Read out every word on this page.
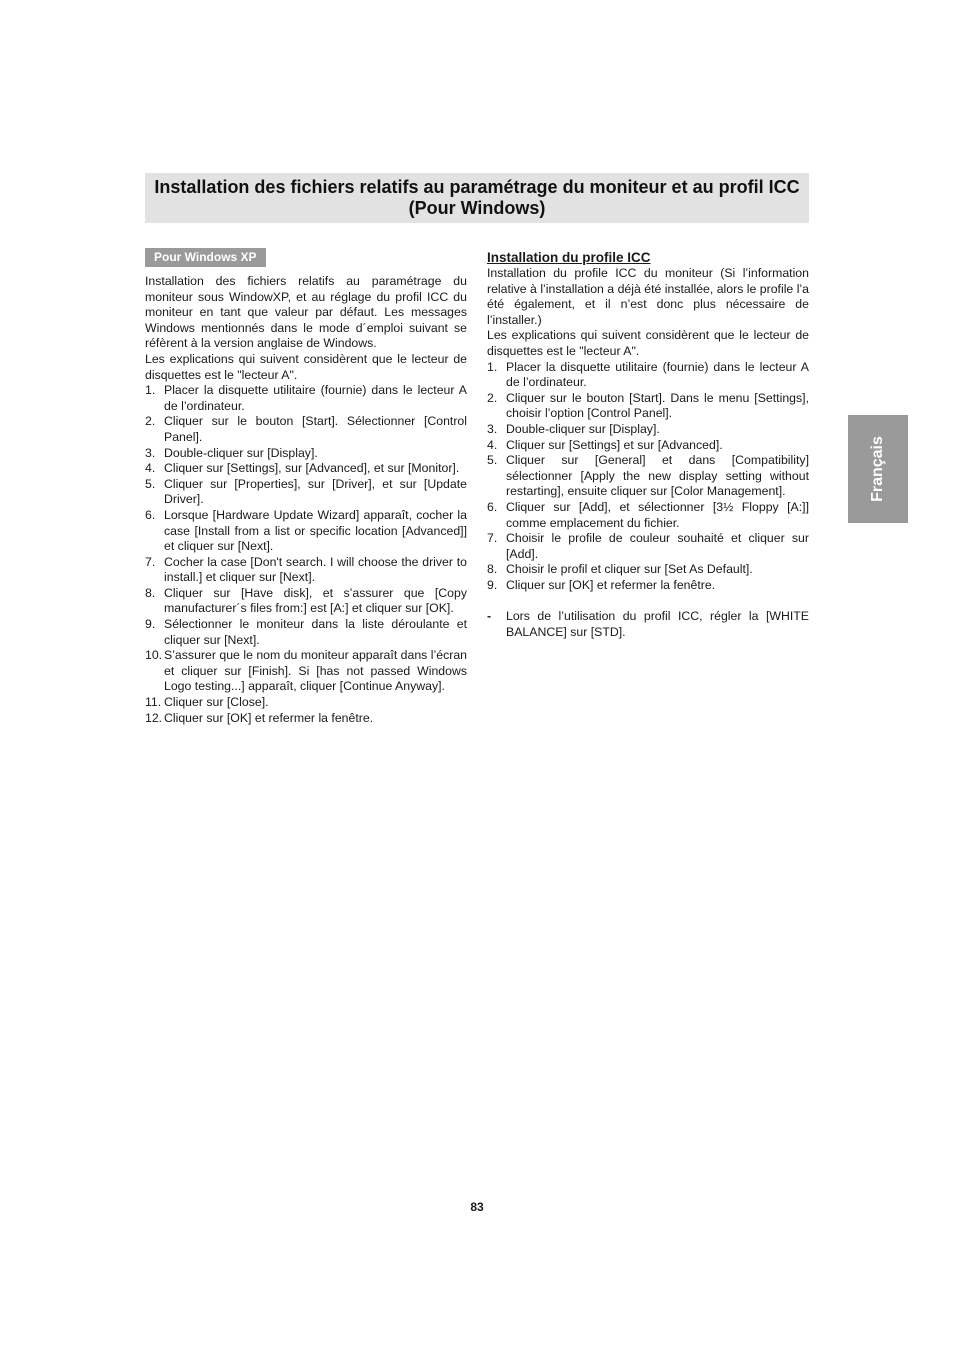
Installation des fichiers relatifs au paramétrage du moniteur et au profil ICC (Pour Windows)
Pour Windows XP

Installation des fichiers relatifs au paramétrage du moniteur sous WindowXP, et au réglage du profil ICC du moniteur en tant que valeur par défaut. Les messages Windows mentionnés dans le mode d´emploi suivant se réfèrent à la version anglaise de Windows.

Les explications qui suivent considèrent que le lecteur de disquettes est le "lecteur A".

1. Placer la disquette utilitaire (fournie) dans le lecteur A de l’ordinateur.
2. Cliquer sur le bouton [Start]. Sélectionner [Control Panel].
3. Double-cliquer sur [Display].
4. Cliquer sur [Settings], sur [Advanced], et sur [Monitor].
5. Cliquer sur [Properties], sur [Driver], et sur [Update Driver].
6. Lorsque [Hardware Update Wizard] apparaît, cocher la case [Install from a list or specific location [Advanced]] et cliquer sur [Next].
7. Cocher la case [Don't search. I will choose the driver to install.] et cliquer sur [Next].
8. Cliquer sur [Have disk], et s’assurer que [Copy manufacturer´s files from:] est [A:] et cliquer sur [OK].
9. Sélectionner le moniteur dans la liste déroulante et cliquer sur [Next].
10. S’assurer que le nom du moniteur apparaît dans l’écran et cliquer sur [Finish]. Si [has not passed Windows Logo testing...] apparaît, cliquer [Continue Anyway].
11. Cliquer sur [Close].
12. Cliquer sur [OK] et refermer la fenêtre.
Installation du profile ICC

Installation du profile ICC du moniteur (Si l’information relative à l’installation a déjà été installée, alors le profile l’a été également, et il n’est donc plus nécessaire de l’installer.)

Les explications qui suivent considèrent que le lecteur de disquettes est le "lecteur A".

1. Placer la disquette utilitaire (fournie) dans le lecteur A de l’ordinateur.
2. Cliquer sur le bouton [Start]. Dans le menu [Settings], choisir l’option [Control Panel].
3. Double-cliquer sur [Display].
4. Cliquer sur [Settings] et sur [Advanced].
5. Cliquer sur [General] et dans [Compatibility] sélectionner [Apply the new display setting without restarting], ensuite cliquer sur [Color Management].
6. Cliquer sur [Add], et sélectionner [3½ Floppy [A:]] comme emplacement du fichier.
7. Choisir le profile de couleur souhaité et cliquer sur [Add].
8. Choisir le profil et cliquer sur [Set As Default].
9. Cliquer sur [OK] et refermer la fenêtre.
- Lors de l’utilisation du profil ICC, régler la [WHITE BALANCE] sur [STD].
Français
83
